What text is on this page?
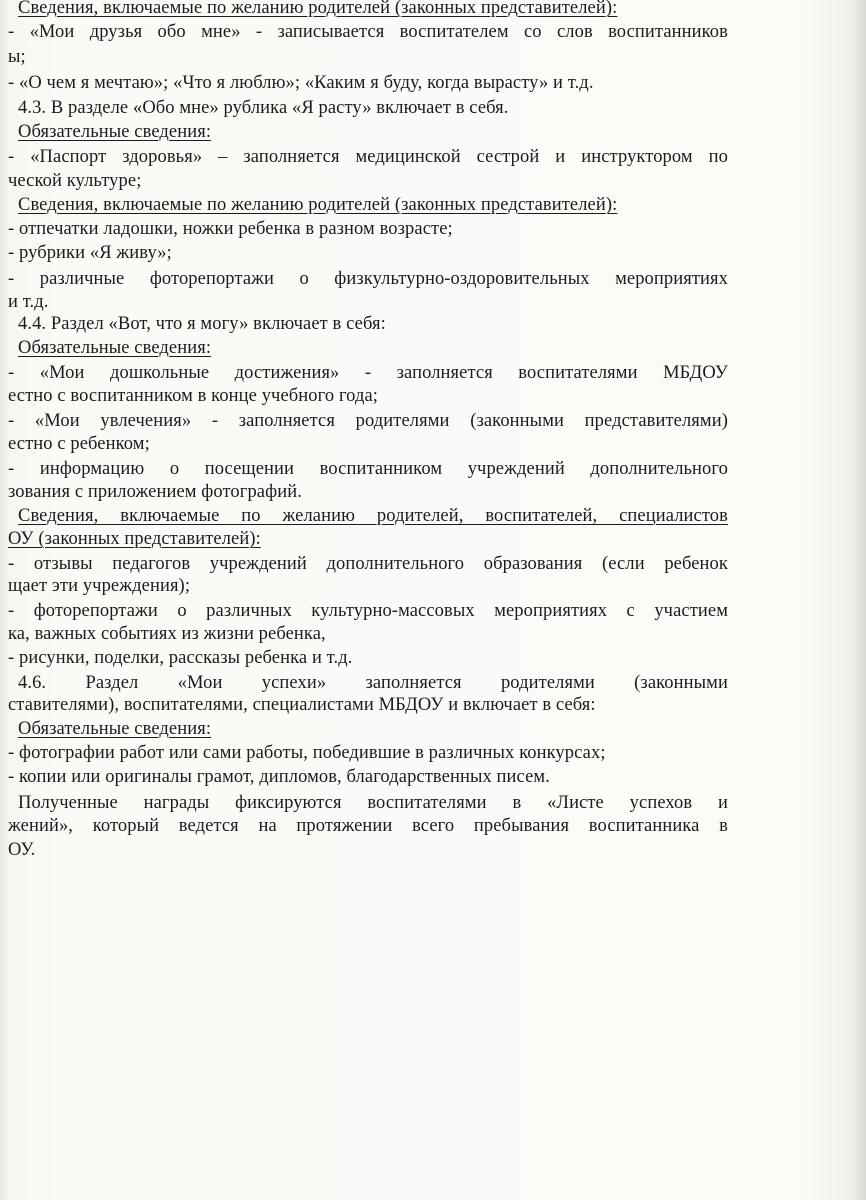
Сведения, включаемые по желанию родителей (законных представителей):

- «Мои друзья обо мне» - записывается воспитателем со слов воспитанников

ы;

- «О чем я мечтаю»; «Что я люблю»; «Каким я буду, когда вырасту» и т.д.

4.3. В разделе «Обо мне» рублика «Я расту» включает в себя.

Обязательные сведения:

- «Паспорт здоровья» – заполняется медицинской сестрой и инструктором по

ческой культуре;

Сведения, включаемые по желанию родителей (законных представителей):

- отпечатки ладошки, ножки ребенка в разном возрасте;

- рубрики «Я живу»;

- различные фоторепортажи о физкультурно-оздоровительных мероприятиях

и т.д.

4.4. Раздел «Вот, что я могу» включает в себя:

Обязательные сведения:

- «Мои дошкольные достижения» - заполняется воспитателями МБДОУ

естно с воспитанником в конце учебного года;

- «Мои увлечения» - заполняется родителями (законными представителями)

естно с ребенком;

- информацию о посещении воспитанником учреждений дополнительного

зования с приложением фотографий.

Сведения, включаемые по желанию родителей, воспитателей, специалистов

ОУ (законных представителей):

- отзывы педагогов учреждений дополнительного образования (если ребенок

щает эти учреждения);

- фоторепортажи о различных культурно-массовых мероприятиях с участием

ка, важных событиях из жизни ребенка,

- рисунки, поделки, рассказы ребенка и т.д.

4.6. Раздел «Мои успехи» заполняется родителями (законными

ставителями), воспитателями, специалистами МБДОУ и включает в себя:

Обязательные сведения:

- фотографии работ или сами работы, победившие в различных конкурсах;

- копии или оригиналы грамот, дипломов, благодарственных писем.

Полученные награды фиксируются воспитателями в «Листе успехов и

жений», который ведется на протяжении всего пребывания воспитанника в

ОУ.
